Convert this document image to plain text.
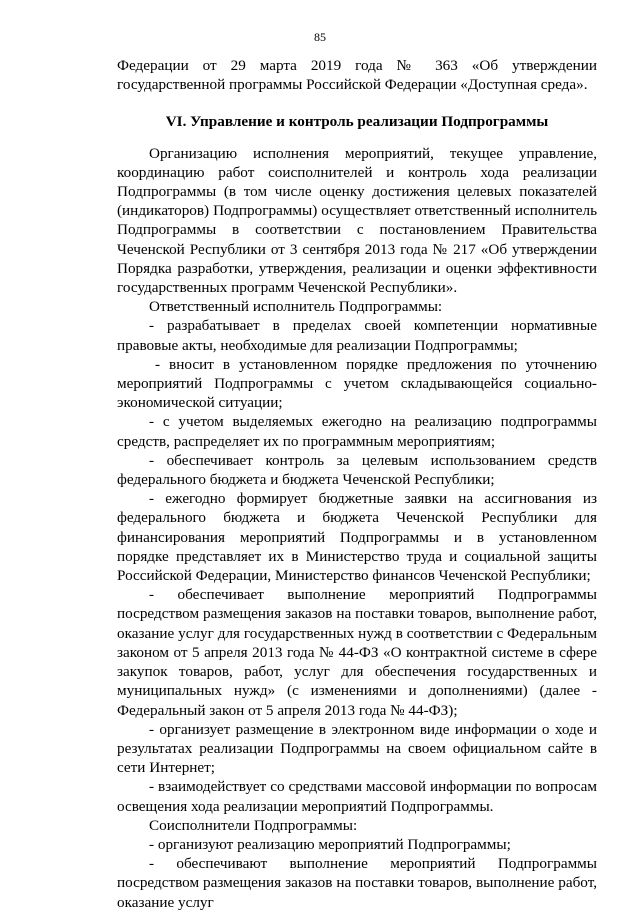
85

Федерации от 29 марта 2019 года № 363 «Об утверждении государственной программы Российской Федерации «Доступная среда».

VI. Управление и контроль реализации Подпрограммы

Организацию исполнения мероприятий, текущее управление, координацию работ соисполнителей и контроль хода реализации Подпрограммы (в том числе оценку достижения целевых показателей (индикаторов) Подпрограммы) осуществляет ответственный исполнитель Подпрограммы в соответствии с постановлением Правительства Чеченской Республики от 3 сентября 2013 года № 217 «Об утверждении Порядка разработки, утверждения, реализации и оценки эффективности государственных программ Чеченской Республики».

Ответственный исполнитель Подпрограммы:

- разрабатывает в пределах своей компетенции нормативные правовые акты, необходимые для реализации Подпрограммы;

- вносит в установленном порядке предложения по уточнению мероприятий Подпрограммы с учетом складывающейся социально-экономической ситуации;

- с учетом выделяемых ежегодно на реализацию подпрограммы средств, распределяет их по программным мероприятиям;

- обеспечивает контроль за целевым использованием средств федерального бюджета и бюджета Чеченской Республики;

- ежегодно формирует бюджетные заявки на ассигнования из федерального бюджета и бюджета Чеченской Республики для финансирования мероприятий Подпрограммы и в установленном порядке представляет их в Министерство труда и социальной защиты Российской Федерации, Министерство финансов Чеченской Республики;

- обеспечивает выполнение мероприятий Подпрограммы посредством размещения заказов на поставки товаров, выполнение работ, оказание услуг для государственных нужд в соответствии с Федеральным законом от 5 апреля 2013 года № 44-ФЗ «О контрактной системе в сфере закупок товаров, работ, услуг для обеспечения государственных и муниципальных нужд» (с изменениями и дополнениями) (далее - Федеральный закон от 5 апреля 2013 года № 44-ФЗ);

- организует размещение в электронном виде информации о ходе и результатах реализации Подпрограммы на своем официальном сайте в сети Интернет;

- взаимодействует со средствами массовой информации по вопросам освещения хода реализации мероприятий Подпрограммы.

Соисполнители Подпрограммы:

- организуют реализацию мероприятий Подпрограммы;

- обеспечивают выполнение мероприятий Подпрограммы посредством размещения заказов на поставки товаров, выполнение работ, оказание услуг
